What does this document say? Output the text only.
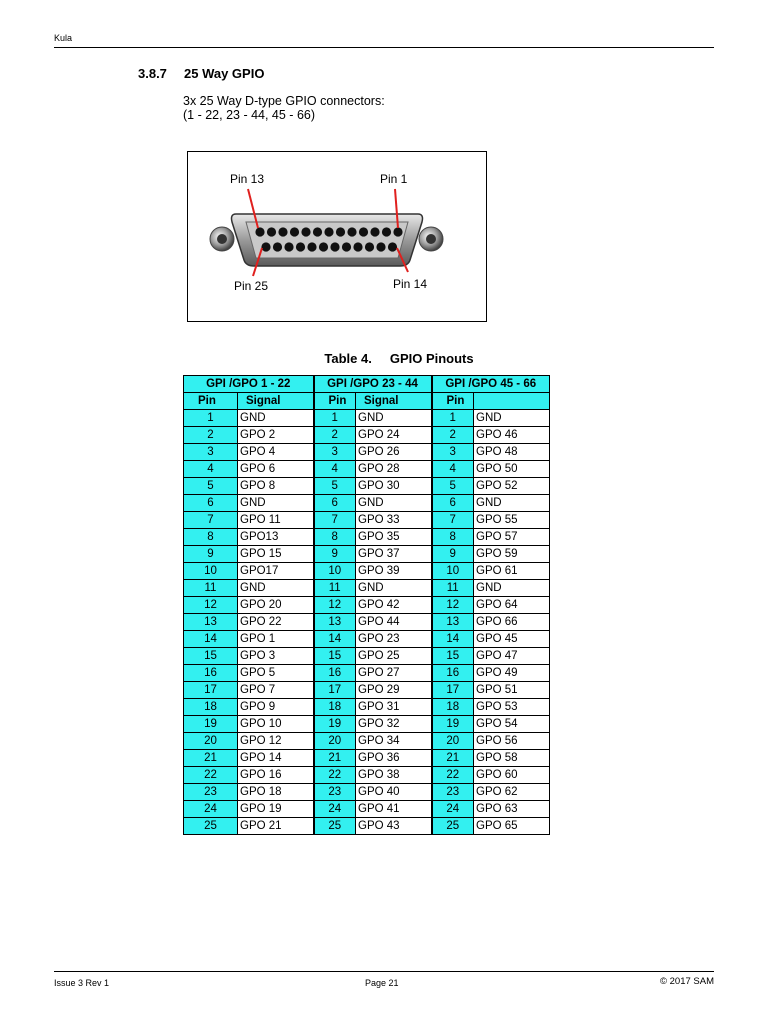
Kula
3.8.7 25 Way GPIO
3x 25 Way D-type GPIO connectors:
(1 - 22, 23 - 44, 45 - 66)
Pin 13	Pin 1
Pin 25	Pin 14
Table 4. GPIO Pinouts
GPI /GPO 1 - 22		GPI /GPO 23 - 44		GPI /GPO 45 - 66	
Pin	Signal	Pin	Signal	Pin	
1	GND	1	GND	1	GND
2	GPO 2	2	GPO 24	2	GPO 46
3	GPO 4	3	GPO 26	3	GPO 48
4	GPO 6	4	GPO 28	4	GPO 50
5	GPO 8	5	GPO 30	5	GPO 52
6	GND	6	GND	6	GND
7	GPO 11	7	GPO 33	7	GPO 55
8	GPO13	8	GPO 35	8	GPO 57
9	GPO 15	9	GPO 37	9	GPO 59
10	GPO17	10	GPO 39	10	GPO 61
11	GND	11	GND	11	GND
12	GPO 20	12	GPO 42	12	GPO 64
13	GPO 22	13	GPO 44	13	GPO 66
14	GPO 1	14	GPO 23	14	GPO 45
15	GPO 3	15	GPO 25	15	GPO 47
16	GPO 5	16	GPO 27	16	GPO 49
17	GPO 7	17	GPO 29	17	GPO 51
18	GPO 9	18	GPO 31	18	GPO 53
19	GPO 10	19	GPO 32	19	GPO 54
20	GPO 12	20	GPO 34	20	GPO 56
21	GPO 14	21	GPO 36	21	GPO 58
22	GPO 16	22	GPO 38	22	GPO 60
23	GPO 18	23	GPO 40	23	GPO 62
24	GPO 19	24	GPO 41	24	GPO 63
25	GPO 21	25	GPO 43	25	GPO 65
Issue 3 Rev 1	Page 21	© 2017 SAM
